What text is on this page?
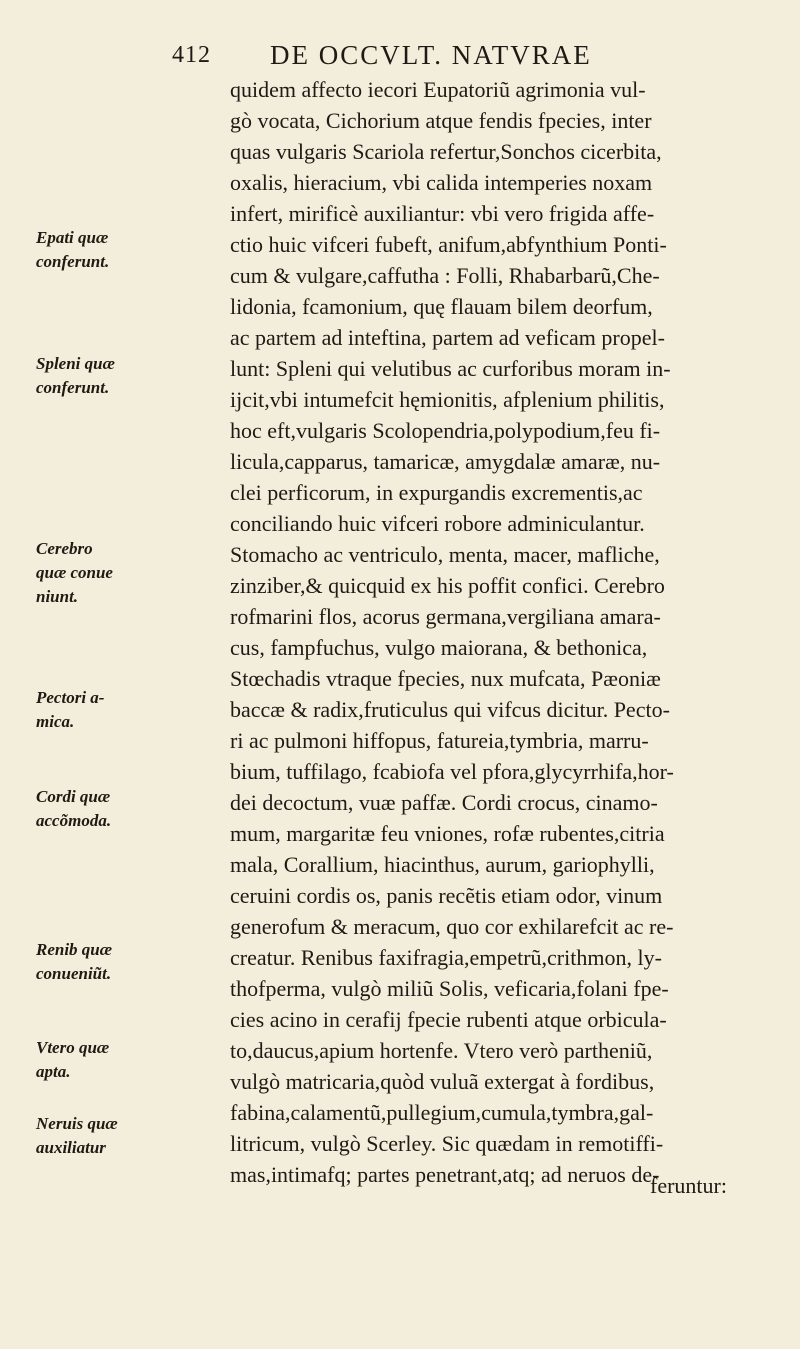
412 DE OCCVLT. NATVRAE
quidem affecto iecori Eupatoriũ agrimonia vul-
gò vocata, Cichorium atque fendis fpecies, inter
quas vulgaris Scariola refertur,Sonchos cicerbita,
oxalis, hieracium, vbi calida intemperies noxam
infert, mirificè auxiliantur: vbi vero frigida affe-
ctio huic vifceri fubeft, anifum,abfynthium Ponti-
cum & vulgare,caffutha : Folli, Rhabarbarũ,Che-
lidonia, fcamonium, quę flauam bilem deorfum,
ac partem ad inteftina, partem ad veficam propel-
lunt: Spleni qui velutibus ac curforibus moram in-
ijcit,vbi intumefcit hęmionitis, afplenium philitis,
hoc eft,vulgaris Scolopendria,polypodium,feu fi-
licula,capparus, tamaricæ, amygdalæ amaræ, nu-
clei perficorum, in expurgandis excrementis,ac
conciliando huic vifceri robore adminiculantur.
Stomacho ac ventriculo, menta, macer, mafliche,
zinziber,& quicquid ex his poffit confici. Cerebro
rofmarini flos, acorus germana,vergiliana amara-
cus, fampfuchus, vulgo maiorana, & bethonica,
Stœchadis vtraque fpecies, nux mufcata, Pæoniæ
baccæ & radix,fruticulus qui vifcus dicitur. Pecto-
ri ac pulmoni hiffopus, fatureia,tymbria, marru-
bium, tuffilago, fcabiofa vel pfora,glycyrrhifa,hor-
dei decoctum, vuæ paffæ. Cordi crocus, cinamo-
mum, margaritæ feu vniones, rofæ rubentes,citria
mala, Corallium, hiacinthus, aurum, gariophylli,
ceruini cordis os, panis recẽtis etiam odor, vinum
generofum & meracum, quo cor exhilarefcit ac re-
creatur. Renibus faxifragia,empetrũ,crithmon, ly-
thofperma, vulgò miliũ Solis, veficaria,folani fpe-
cies acino in cerafij fpecie rubenti atque orbicula-
to,daucus,apium hortenfe. Vtero verò partheniũ,
vulgò matricaria,quòd vuluã extergat à fordibus,
fabina,calamentũ,pullegium,cumula,tymbra,gal-
litricum, vulgò Scerley. Sic quædam in remotiffi-
mas,intimafq; partes penetrant,atq; ad neruos de-
feruntur:
Epati quæ
conferunt.
Spleni quæ
conferunt.
Cerebro
quæ conue
niunt.
Pectori a-
mica.
Cordi quæ
accõmoda.
Renib quæ
conueniũt.
Vtero quæ
apta.
Neruis quæ
auxiliatur
